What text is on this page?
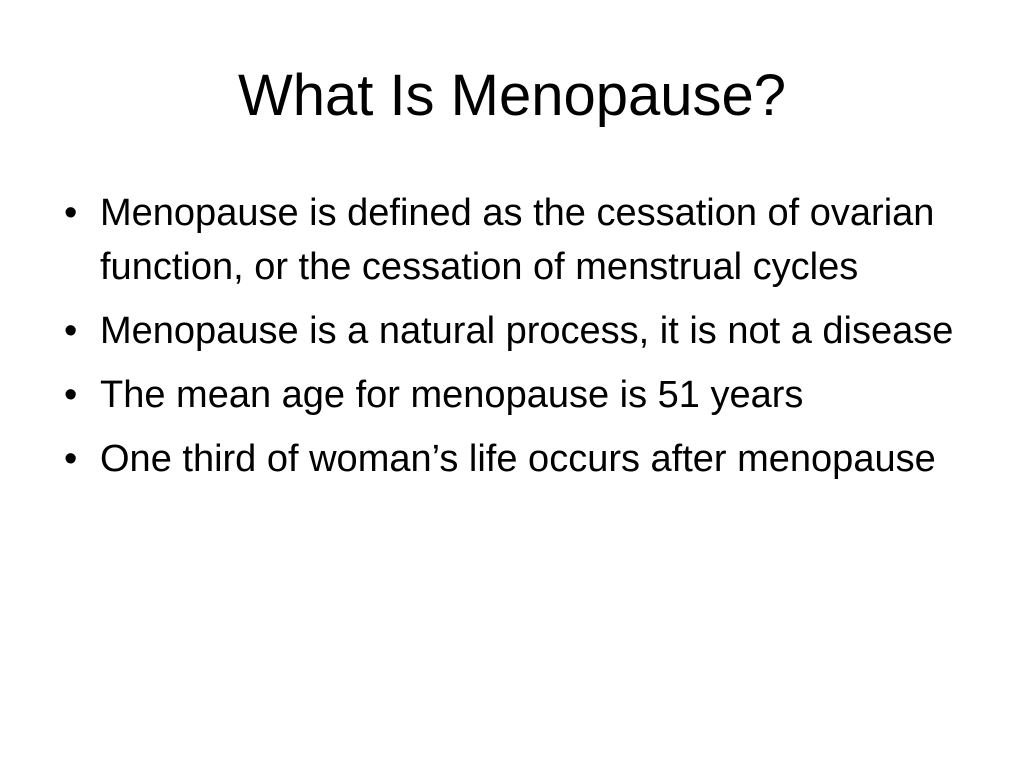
What Is Menopause?
• Menopause is defined as the cessation of ovarian function, or the cessation of menstrual cycles
• Menopause is a natural process, it is not a disease
• The mean age for menopause is 51 years
• One third of woman’s life occurs after menopause
